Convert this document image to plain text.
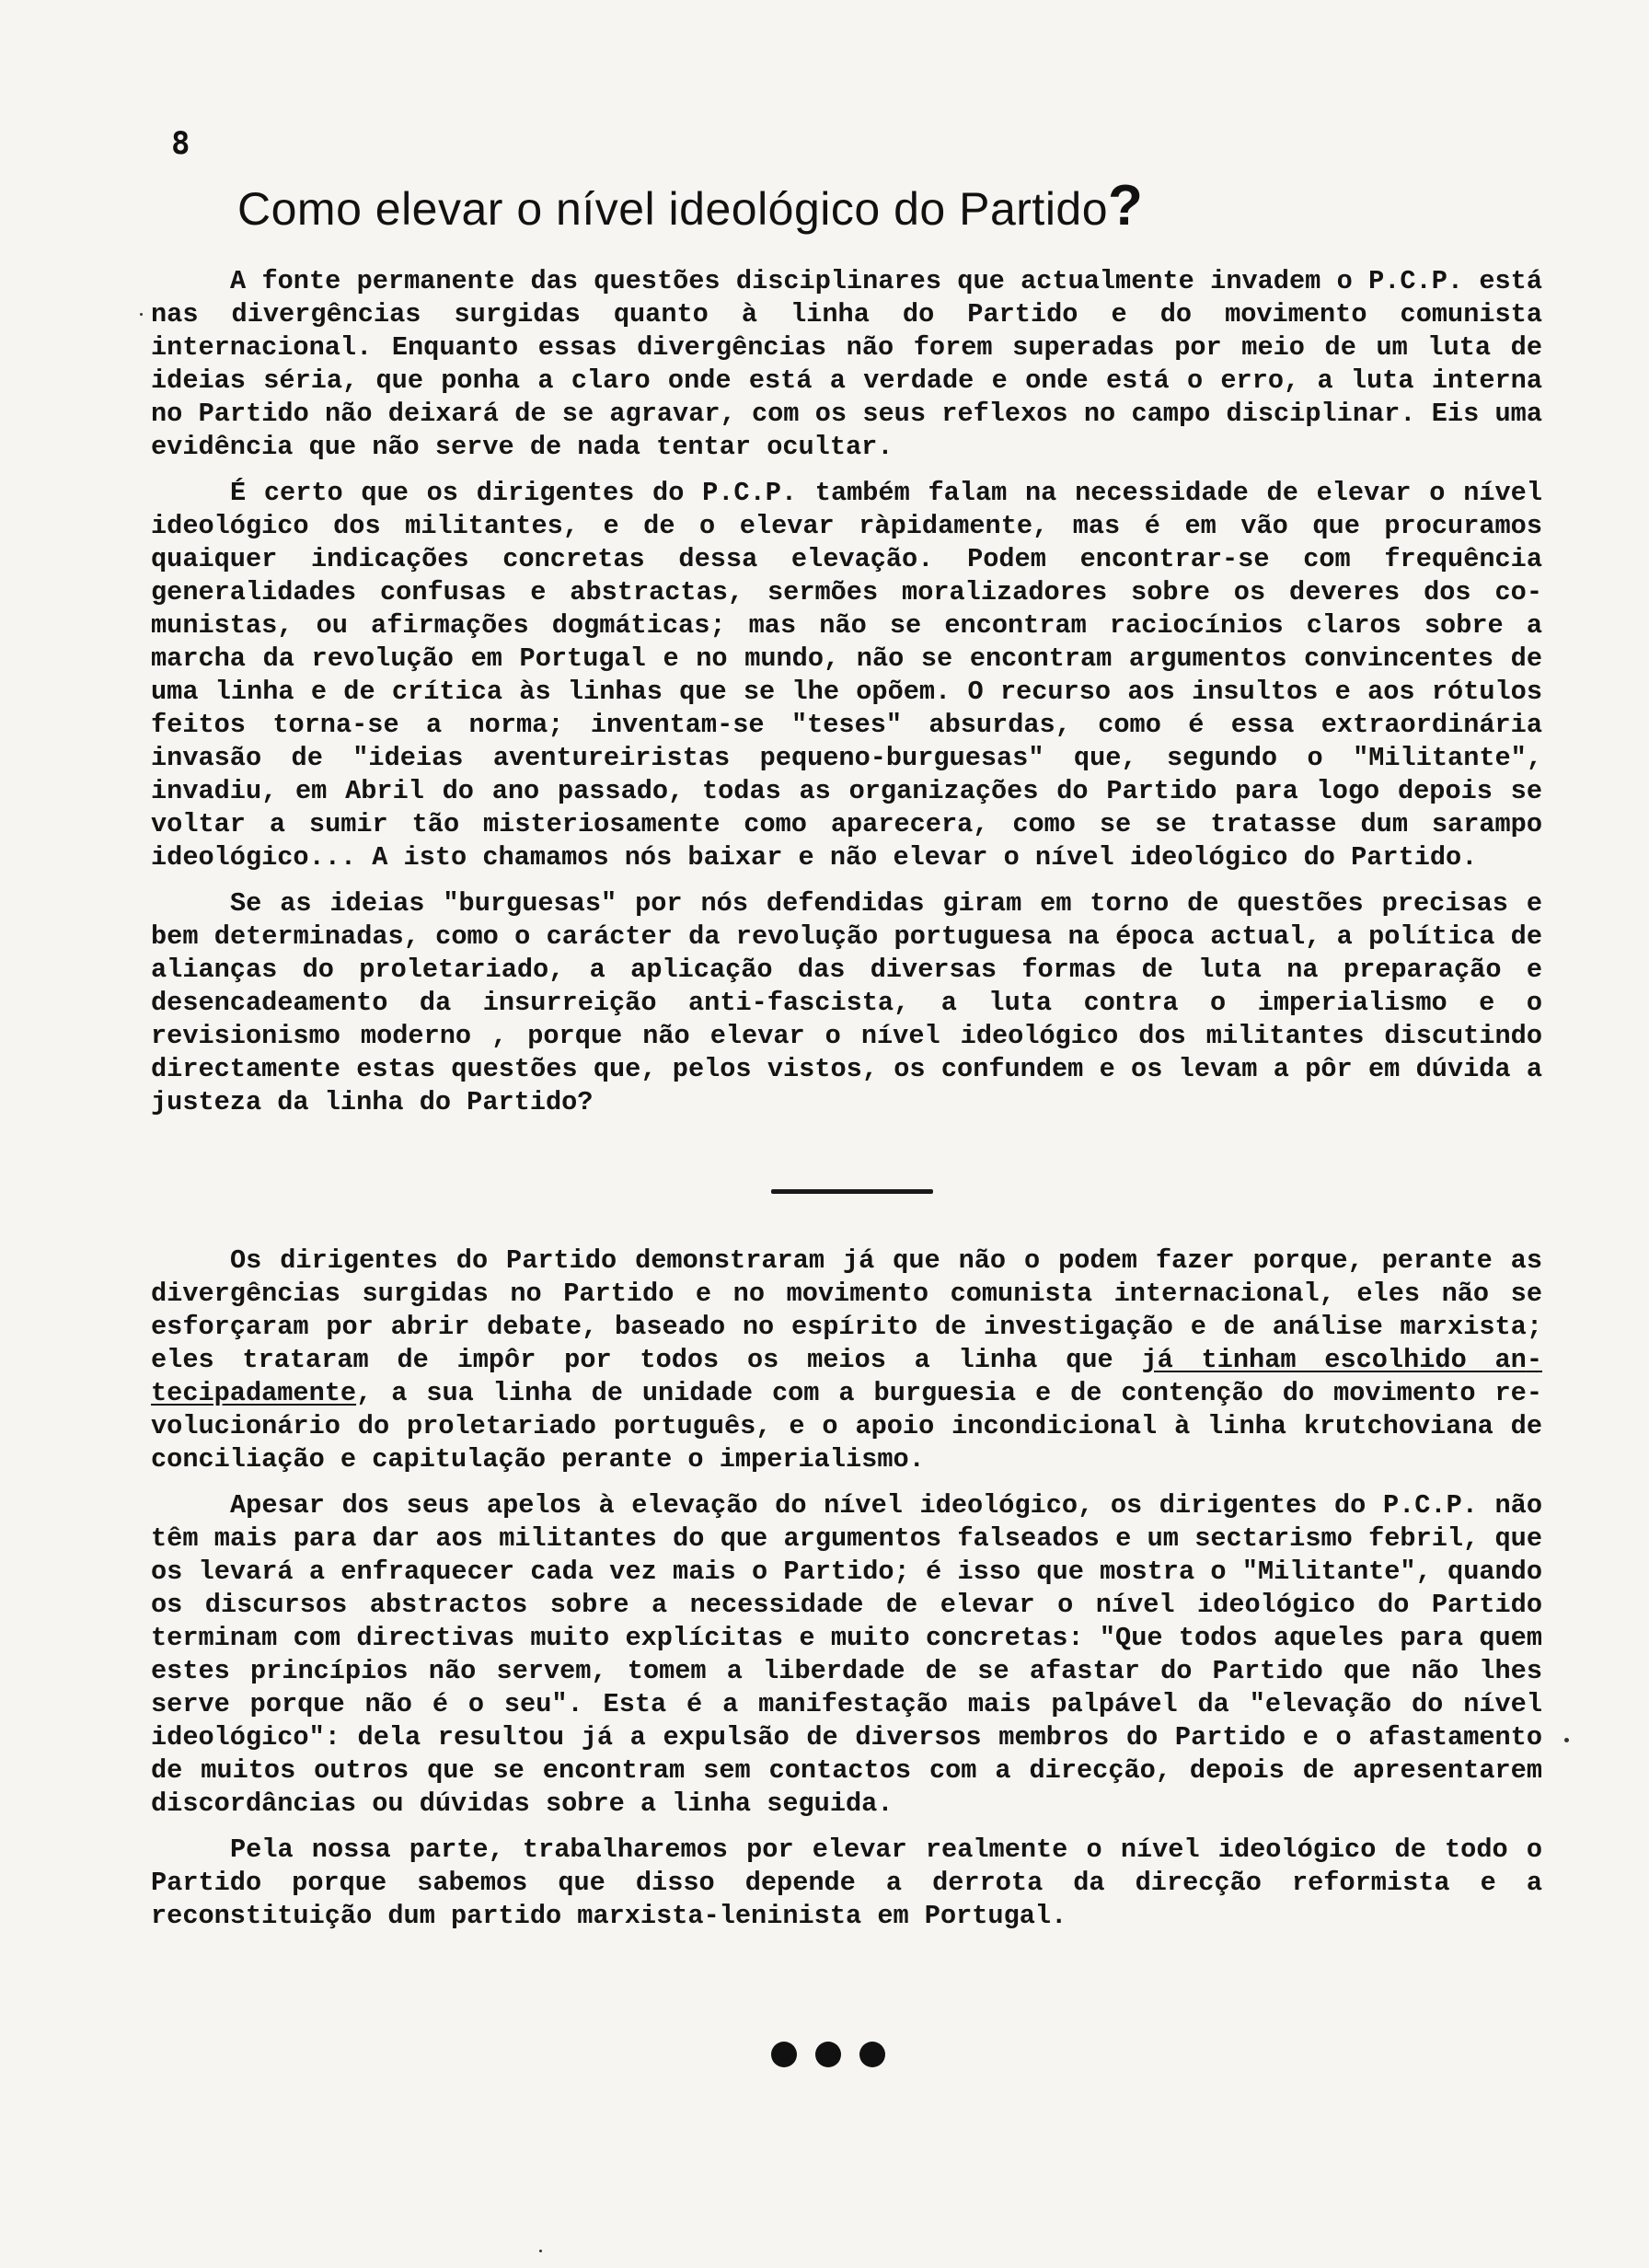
8
Como elevar o nível ideológico do Partido?

A fonte permanente das questões disciplinares que actualmente invadem o P.C.P. está nas divergências surgidas quanto à linha do Partido e do movimento comunista internacional. Enquanto essas divergências não forem superadas por meio de um luta de ideias séria, que ponha a claro onde está a verdade e onde está o erro, a luta interna no Partido não deixará de se agravar, com os seus reflexos no campo disciplinar. Eis uma evidência que não serve de nada tentar ocultar.

É certo que os dirigentes do P.C.P. também falam na necessidade de elevar o nível ideológico dos militantes, e de o elevar ràpidamente, mas é em vão que procuramos quaiquer indicações concretas dessa elevação. Podem encontrar-se com frequência generalidades confusas e abstractas, sermões moralizadores sobre os deveres dos comunistas, ou afirmações dogmáticas; mas não se encontram raciocínios claros sobre a marcha da revolução em Portugal e no mundo, não se encontram argumentos convincentes de uma linha e de crítica às linhas que se lhe opõem. O recurso aos insultos e aos rótulos feitos torna-se a norma; inventam-se "teses" absurdas, como é essa extraordinária invasão de "ideias aventureiristas pequeno-burguesas" que, segundo o "Militante", invadiu, em Abril do ano passado, todas as organizações do Partido para logo depois se voltar a sumir tão misteriosamente como aparecera, como se se tratasse dum sarampo ideológico... A isto chamamos nós baixar e não elevar o nível ideológico do Partido.

Se as ideias "burguesas" por nós defendidas giram em torno de questões precisas e bem determinadas, como o carácter da revolução portuguesa na época actual, a política de alianças do proletariado, a aplicação das diversas formas de luta na preparação e desencadeamento da insurreição anti-fascista, a luta contra o imperialismo e o revisionismo moderno , porque não elevar o nível ideológico dos militantes discutindo directamente estas questões que, pelos vistos, os confundem e os levam a pôr em dúvida a justeza da linha do Partido?

Os dirigentes do Partido demonstraram já que não o podem fazer porque, perante as divergências surgidas no Partido e no movimento comunista internacional, eles não se esforçaram por abrir debate, baseado no espírito de investigação e de análise marxista; eles trataram de impôr por todos os meios a linha que já tinham escolhido antecipadamente, a sua linha de unidade com a burguesia e de contenção do movimento revolucionário do proletariado português, e o apoio incondicional à linha krutchoviana de conciliação e capitulação perante o imperialismo.

Apesar dos seus apelos à elevação do nível ideológico, os dirigentes do P.C.P. não têm mais para dar aos militantes do que argumentos falseados e um sectarismo febril, que os levará a enfraquecer cada vez mais o Partido; é isso que mostra o "Militante", quando os discursos abstractos sobre a necessidade de elevar o nível ideológico do Partido terminam com directivas muito explícitas e muito concretas: "Que todos aqueles para quem estes princípios não servem, tomem a liberdade de se afastar do Partido que não lhes serve porque não é o seu". Esta é a manifestação mais palpável da "elevação do nível ideológico": dela resultou já a expulsão de diversos membros do Partido e o afastamento de muitos outros que se encontram sem contactos com a direcção, depois de apresentarem discordâncias ou dúvidas sobre a linha seguida.

Pela nossa parte, trabalharemos por elevar realmente o nível ideológico de todo o Partido porque sabemos que disso depende a derrota da direcção reformista e a reconstituição dum partido marxista-leninista em Portugal.
